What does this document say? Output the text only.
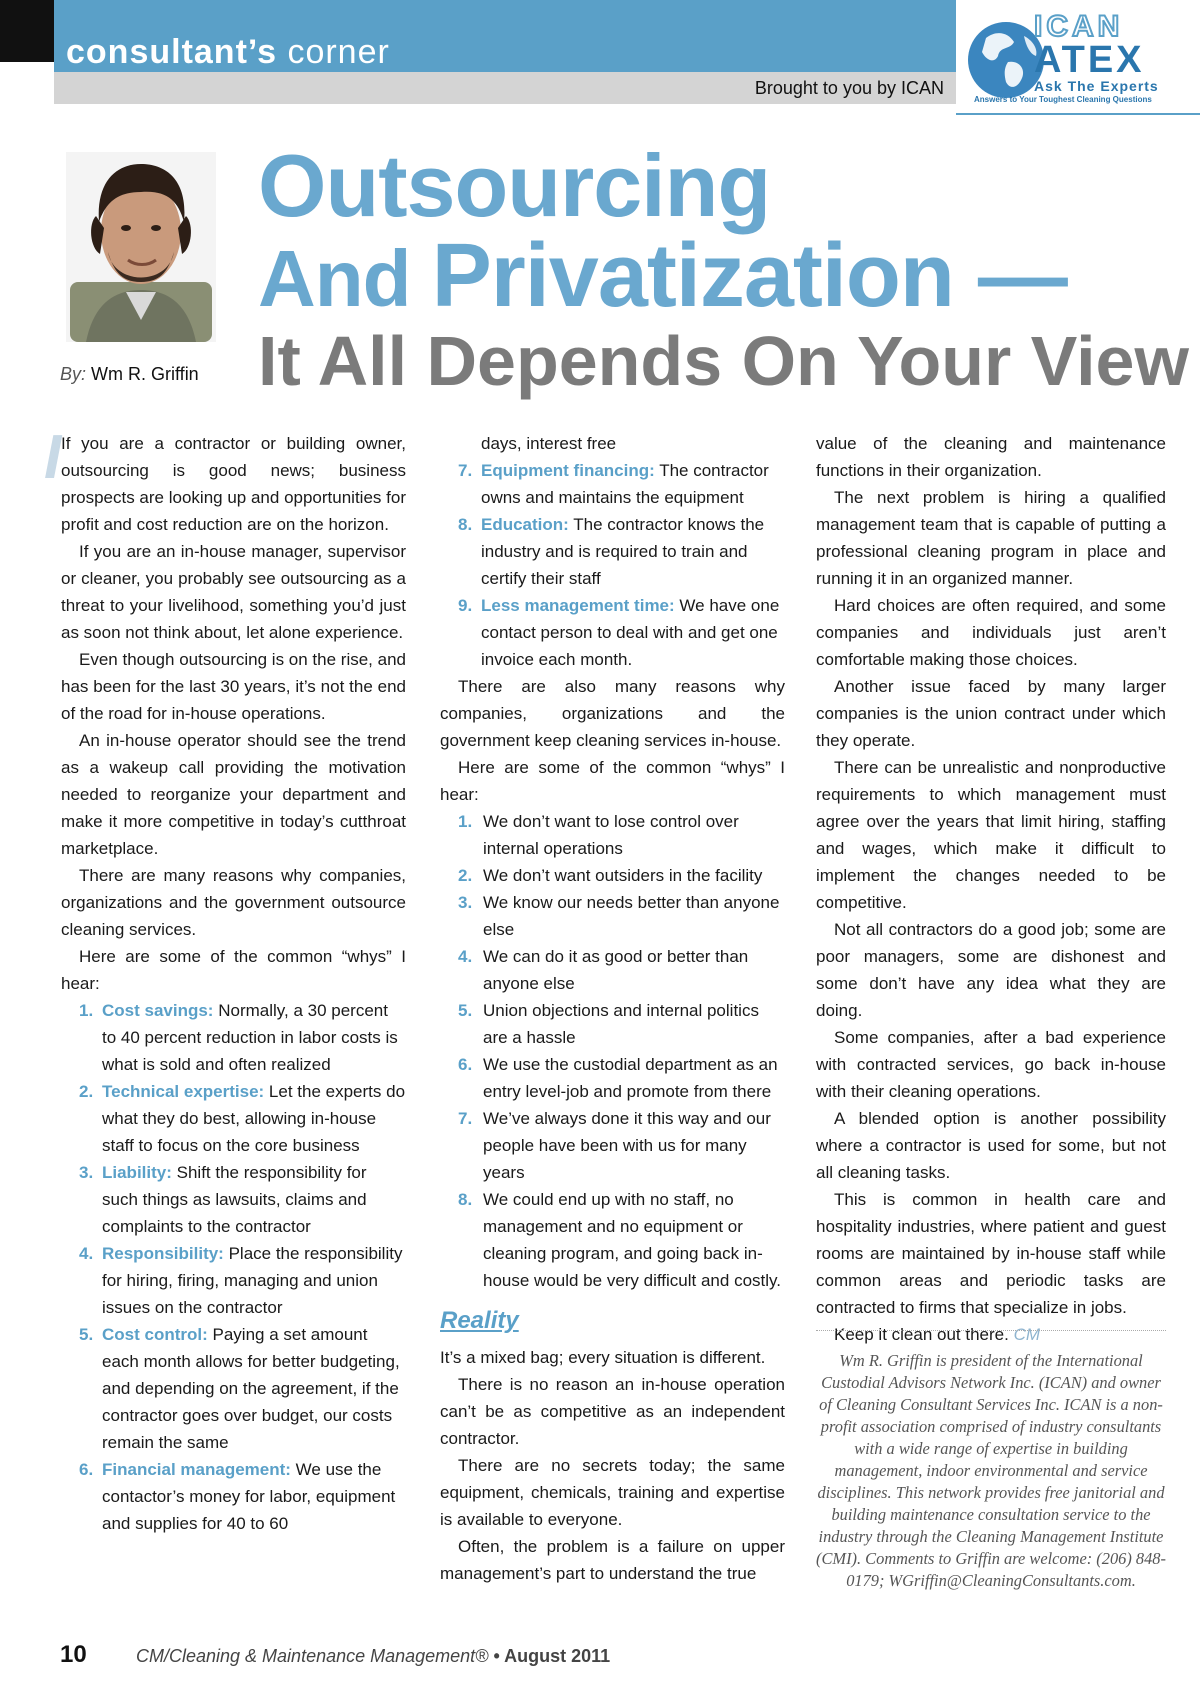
consultant’s corner
Brought to you by ICAN
ICAN
ATEX
Ask The Experts
Answers to Your Toughest Cleaning Questions
By: Wm R. Griffin
Outsourcing
And Privatization —
It All Depends On Your View
I If you are a contractor or building owner, outsourcing is good news; business prospects are looking up and opportunities for profit and cost reduction are on the horizon.

If you are an in-house manager, supervisor or cleaner, you probably see outsourcing as a threat to your livelihood, something you’d just as soon not think about, let alone experience.

Even though outsourcing is on the rise, and has been for the last 30 years, it’s not the end of the road for in-house operations.

An in-house operator should see the trend as a wakeup call providing the motivation needed to reorganize your department and make it more competitive in today’s cutthroat marketplace.

There are many reasons why companies, organizations and the government outsource cleaning services.

Here are some of the common “whys” I hear:

1. Cost savings: Normally, a 30 percent to 40 percent reduction in labor costs is what is sold and often realized
2. Technical expertise: Let the experts do what they do best, allowing in-house staff to focus on the core business
3. Liability: Shift the responsibility for such things as lawsuits, claims and complaints to the contractor
4. Responsibility: Place the responsibility for hiring, firing, managing and union issues on the contractor
5. Cost control: Paying a set amount each month allows for better budgeting, and depending on the agreement, if the contractor goes over budget, our costs remain the same
6. Financial management: We use the contactor’s money for labor, equipment and supplies for 40 to 60
days, interest free
7. Equipment financing: The contractor owns and maintains the equipment
8. Education: The contractor knows the industry and is required to train and certify their staff
9. Less management time: We have one contact person to deal with and get one invoice each month.

There are also many reasons why companies, organizations and the government keep cleaning services in-house.

Here are some of the common “whys” I hear:

1. We don’t want to lose control over internal operations
2. We don’t want outsiders in the facility
3. We know our needs better than anyone else
4. We can do it as good or better than anyone else
5. Union objections and internal politics are a hassle
6. We use the custodial department as an entry level-job and promote from there
7. We’ve always done it this way and our people have been with us for many years
8. We could end up with no staff, no management and no equipment or cleaning program, and going back in-house would be very difficult and costly.
Reality

It’s a mixed bag; every situation is different.

There is no reason an in-house operation can’t be as competitive as an independent contractor.

There are no secrets today; the same equipment, chemicals, training and expertise is available to everyone.

Often, the problem is a failure on upper management’s part to understand the true

value of the cleaning and maintenance functions in their organization.

The next problem is hiring a qualified management team that is capable of putting a professional cleaning program in place and running it in an organized manner.

Hard choices are often required, and some companies and individuals just aren’t comfortable making those choices.

Another issue faced by many larger companies is the union contract under which they operate.

There can be unrealistic and nonproductive requirements to which management must agree over the years that limit hiring, staffing and wages, which make it difficult to implement the changes needed to be competitive.

Not all contractors do a good job; some are poor managers, some are dishonest and some don’t have any idea what they are doing.

Some companies, after a bad experience with contracted services, go back in-house with their cleaning operations.

A blended option is another possibility where a contractor is used for some, but not all cleaning tasks.

This is common in health care and hospitality industries, where patient and guest rooms are maintained by in-house staff while common areas and periodic tasks are contracted to firms that specialize in jobs.

Keep it clean out there. CM

Wm R. Griffin is president of the International Custodial Advisors Network Inc. (ICAN) and owner of Cleaning Consultant Services Inc. ICAN is a non-profit association comprised of industry consultants with a wide range of expertise in building management, indoor environmental and service disciplines. This network provides free janitorial and building maintenance consultation service to the industry through the Cleaning Management Institute (CMI). Comments to Griffin are welcome: (206) 848-0179; WGriffin@CleaningConsultants.com.
10	CM/Cleaning & Maintenance Management® • August 2011
